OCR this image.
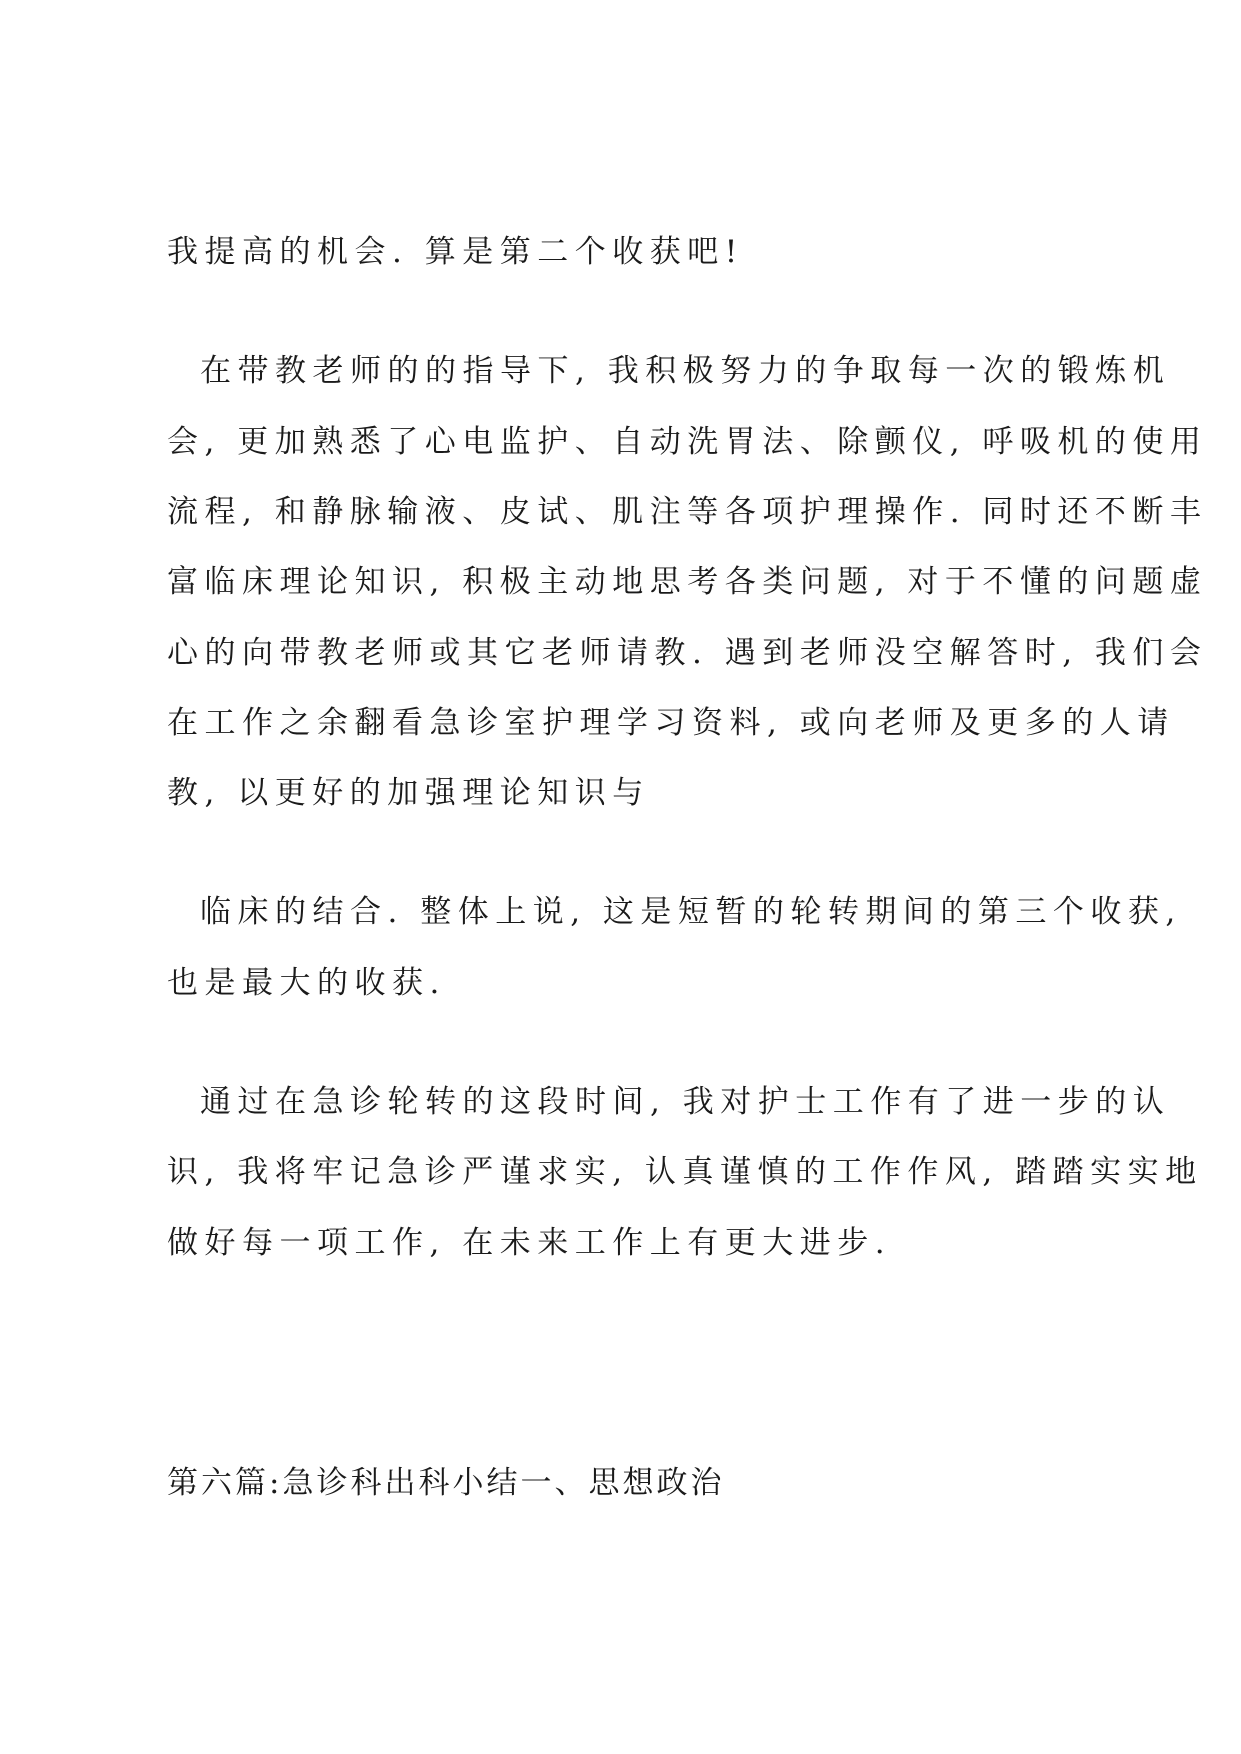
我提高的机会. 算是第二个收获吧!
在带教老师的的指导下, 我积极努力的争取每一次的锻炼机
会, 更加熟悉了心电监护、自动洗胃法、除颤仪, 呼吸机的使用
流程, 和静脉输液、皮试、肌注等各项护理操作. 同时还不断丰
富临床理论知识, 积极主动地思考各类问题, 对于不懂的问题虚
心的向带教老师或其它老师请教. 遇到老师没空解答时, 我们会
在工作之余翻看急诊室护理学习资料, 或向老师及更多的人请
教, 以更好的加强理论知识与
临床的结合. 整体上说, 这是短暂的轮转期间的第三个收获,
也是最大的收获.
通过在急诊轮转的这段时间, 我对护士工作有了进一步的认
识, 我将牢记急诊严谨求实, 认真谨慎的工作作风, 踏踏实实地
做好每一项工作, 在未来工作上有更大进步.
第六篇:急诊科出科小结一、思想政治
